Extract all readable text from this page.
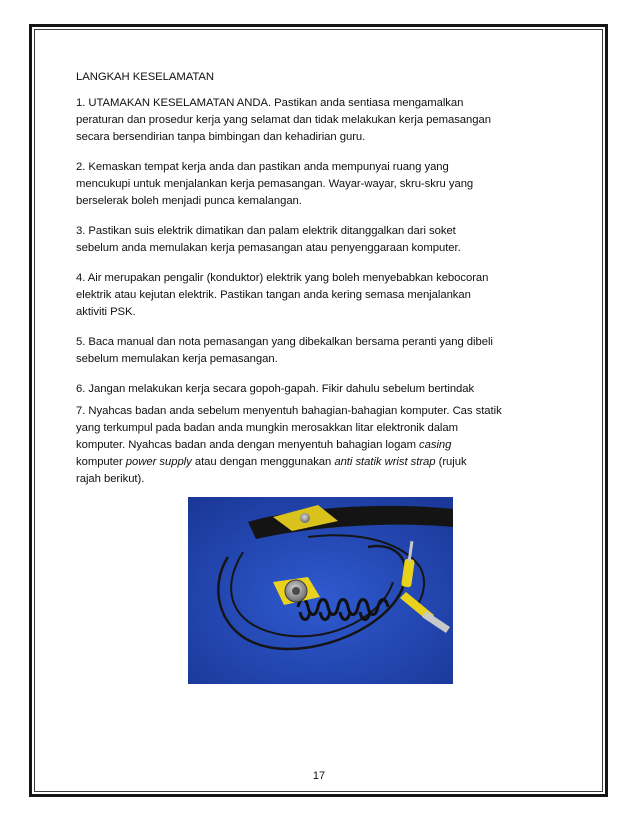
LANGKAH KESELAMATAN
1. UTAMAKAN KESELAMATAN ANDA. Pastikan anda sentiasa mengamalkan
peraturan dan prosedur kerja yang selamat dan tidak melakukan kerja pemasangan
secara bersendirian tanpa bimbingan dan kehadirian guru.
2. Kemaskan tempat kerja anda dan pastikan anda mempunyai ruang yang
mencukupi untuk menjalankan kerja pemasangan. Wayar-wayar, skru-skru yang
berselerak boleh menjadi punca kemalangan.
3. Pastikan suis elektrik dimatikan dan palam elektrik ditanggalkan dari soket
sebelum anda memulakan kerja pemasangan atau penyenggaraan komputer.
4. Air merupakan pengalir (konduktor) elektrik yang boleh menyebabkan kebocoran
elektrik atau kejutan elektrik. Pastikan tangan anda kering semasa menjalankan
aktiviti PSK.
5. Baca manual dan nota pemasangan yang dibekalkan bersama peranti yang dibeli
sebelum memulakan kerja pemasangan.
6. Jangan melakukan kerja secara gopoh-gapah. Fikir dahulu sebelum bertindak
7. Nyahcas badan anda sebelum menyentuh bahagian-bahagian komputer. Cas statik
yang terkumpul pada badan anda mungkin merosakkan litar elektronik dalam
komputer. Nyahcas badan anda dengan menyentuh bahagian logam casing
komputer power supply atau dengan menggunakan anti statik wrist strap (rujuk
rajah berikut).
17
